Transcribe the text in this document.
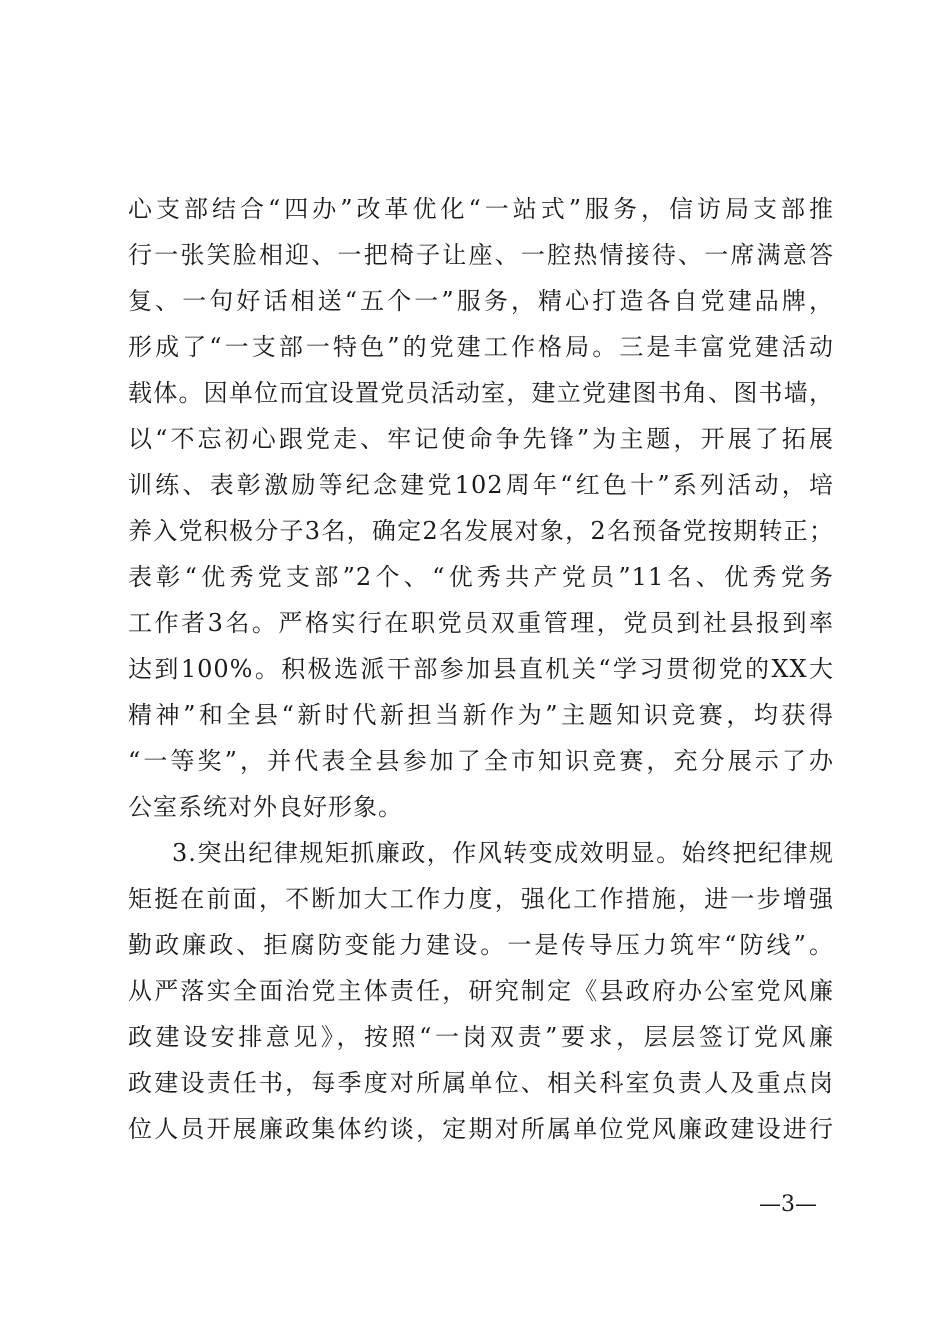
心支部结合“四办”改革优化“一站式”服务，信访局支部推
行一张笑脸相迎、一把椅子让座、一腔热情接待、一席满意答
复、一句好话相送“五个一”服务，精心打造各自党建品牌，
形成了“一支部一特色”的党建工作格局。三是丰富党建活动
载体。因单位而宜设置党员活动室，建立党建图书角、图书墙，
以“不忘初心跟党走、牢记使命争先锋”为主题，开展了拓展
训练、表彰激励等纪念建党102周年“红色十”系列活动，培
养入党积极分子3名，确定2名发展对象，2名预备党按期转正；
表彰“优秀党支部”2个、“优秀共产党员”11名、优秀党务
工作者3名。严格实行在职党员双重管理，党员到社县报到率
达到100%。积极选派干部参加县直机关“学习贯彻党的XX大
精神”和全县“新时代新担当新作为”主题知识竞赛，均获得
“一等奖”，并代表全县参加了全市知识竞赛，充分展示了办
公室系统对外良好形象。
3.突出纪律规矩抓廉政，作风转变成效明显。始终把纪律规
矩挺在前面，不断加大工作力度，强化工作措施，进一步增强
勤政廉政、拒腐防变能力建设。一是传导压力筑牢“防线”。
从严落实全面治党主体责任，研究制定《县政府办公室党风廉
政建设安排意见》，按照“一岗双责”要求，层层签订党风廉
政建设责任书，每季度对所属单位、相关科室负责人及重点岗
位人员开展廉政集体约谈，定期对所属单位党风廉政建设进行
—3—
